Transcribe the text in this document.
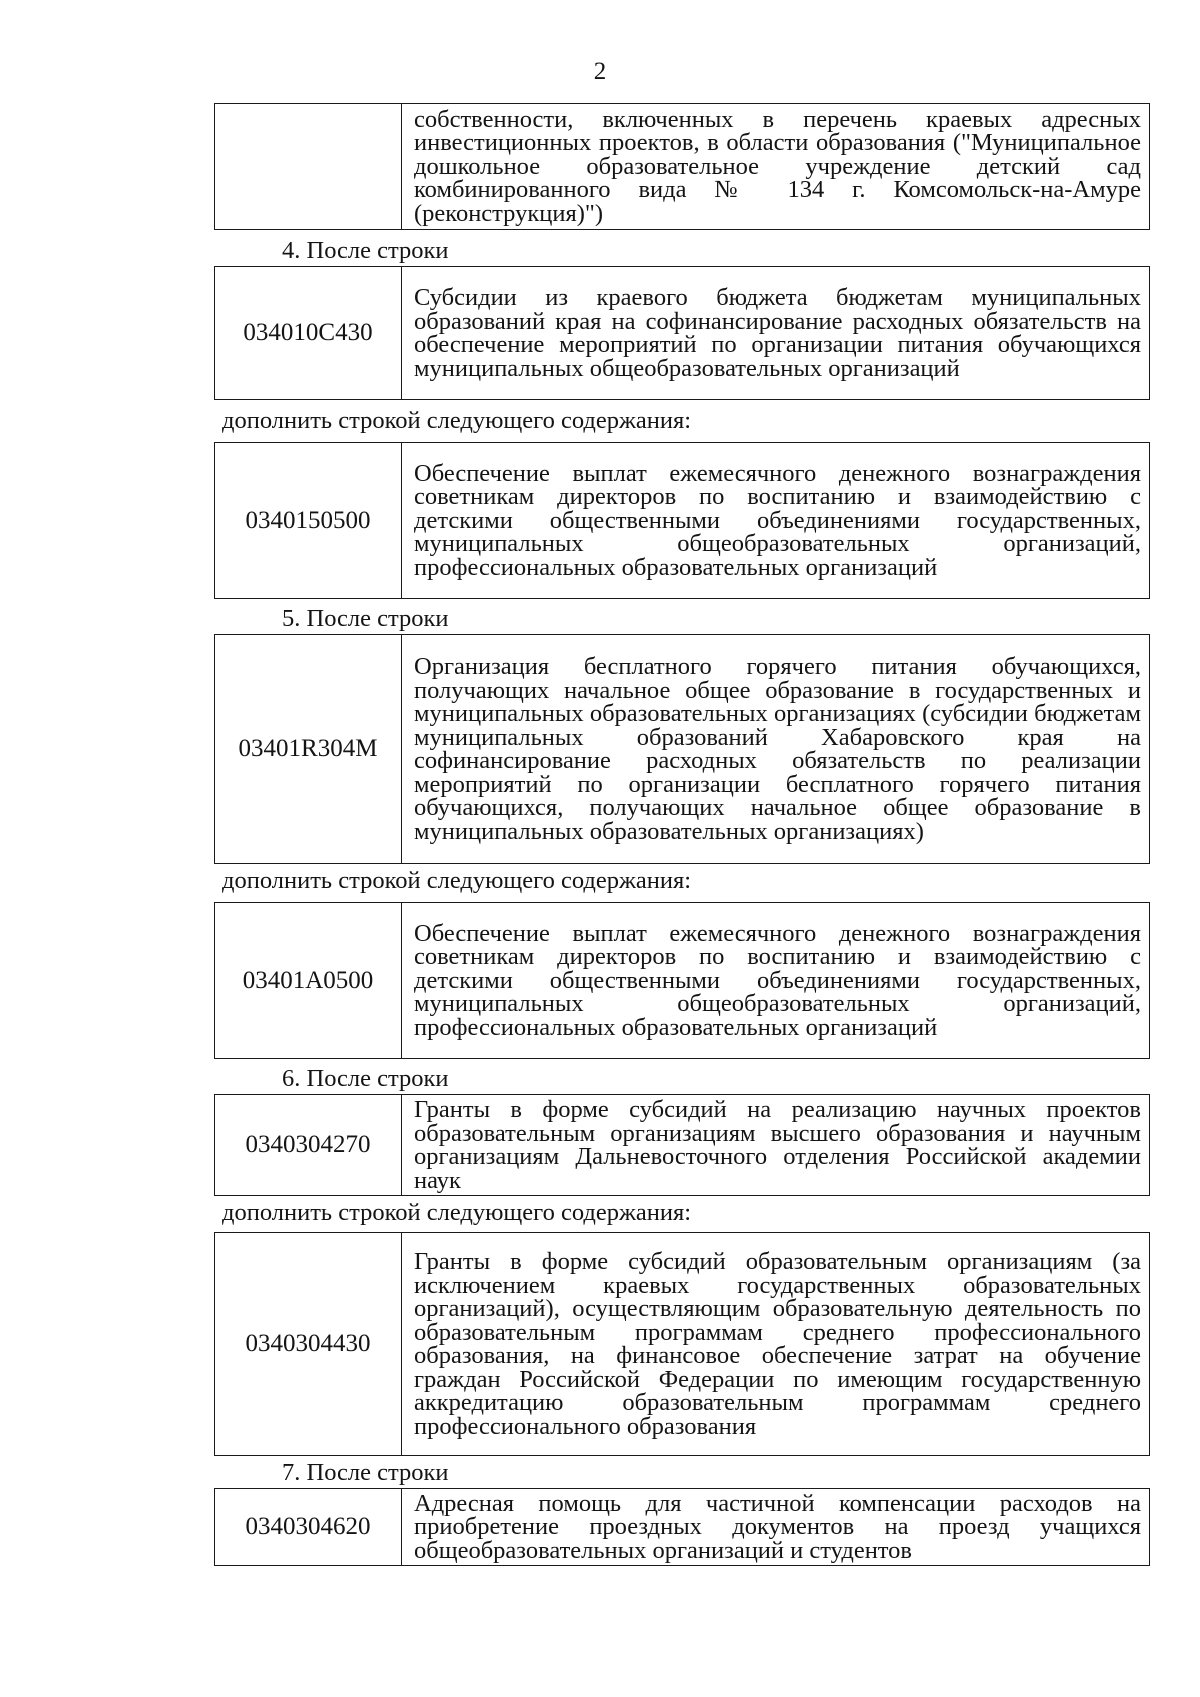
2
	собственности, включенных в перечень краевых адресных инвестиционных проектов, в области образования ("Муниципальное дошкольное образовательное учреждение детский сад комбинированного вида № 134 г. Комсомольск-на-Амуре (реконструкция)")
4. После строки
034010С430	Субсидии из краевого бюджета бюджетам муниципальных образований края на софинансирование расходных обязательств на обеспечение мероприятий по организации питания обучающихся муниципальных общеобразовательных организаций
дополнить строкой следующего содержания:
0340150500	Обеспечение выплат ежемесячного денежного вознаграждения советникам директоров по воспитанию и взаимодействию с детскими общественными объединениями государственных, муниципальных общеобразовательных организаций, профессиональных образовательных организаций
5. После строки
03401R304M	Организация бесплатного горячего питания обучающихся, получающих начальное общее образование в государственных и муниципальных образовательных организациях (субсидии бюджетам муниципальных образований Хабаровского края на софинансирование расходных обязательств по реализации мероприятий по организации бесплатного горячего питания обучающихся, получающих начальное общее образование в муниципальных образовательных организациях)
дополнить строкой следующего содержания:
03401А0500	Обеспечение выплат ежемесячного денежного вознаграждения советникам директоров по воспитанию и взаимодействию с детскими общественными объединениями государственных, муниципальных общеобразовательных организаций, профессиональных образовательных организаций
6. После строки
0340304270	Гранты в форме субсидий на реализацию научных проектов образовательным организациям высшего образования и научным организациям Дальневосточного отделения Российской академии наук
дополнить строкой следующего содержания:
0340304430	Гранты в форме субсидий образовательным организациям (за исключением краевых государственных образовательных организаций), осуществляющим образовательную деятельность по образовательным программам среднего профессионального образования, на финансовое обеспечение затрат на обучение граждан Российской Федерации по имеющим государственную аккредитацию образовательным программам среднего профессионального образования
7. После строки
0340304620	Адресная помощь для частичной компенсации расходов на приобретение проездных документов на проезд учащихся общеобразовательных организаций и студентов
